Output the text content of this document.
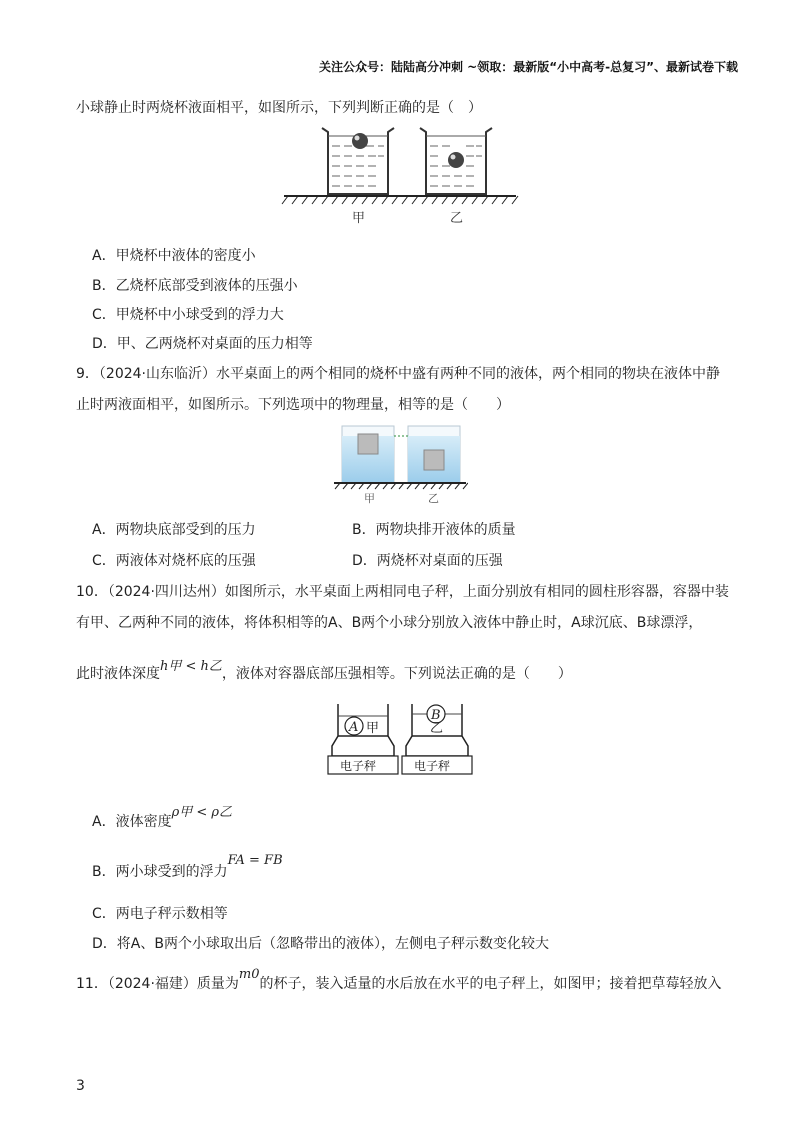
关注公众号：陆陆高分冲刺 ~领取：最新版“小中高考-总复习”、最新试卷下载
小球静止时两烧杯液面相平，如图所示，下列判断正确的是（　）
甲	乙
A．甲烧杯中液体的密度小
B．乙烧杯底部受到液体的压强小
C．甲烧杯中小球受到的浮力大
D．甲、乙两烧杯对桌面的压力相等
9．（2024·山东临沂）水平桌面上的两个相同的烧杯中盛有两种不同的液体，两个相同的物块在液体中静
止时两液面相平，如图所示。下列选项中的物理量，相等的是（　　）
甲	乙
A．两物块底部受到的压力	B．两物块排开液体的质量
C．两液体对烧杯底的压强	D．两烧杯对桌面的压强
10．（2024·四川达州）如图所示，水平桌面上两相同电子秤，上面分别放有相同的圆柱形容器，容器中装
有甲、乙两种不同的液体，将体积相等的A、B两个小球分别放入液体中静止时，A球沉底、B球漂浮，
此时液体深度h甲 < h乙，液体对容器底部压强相等。下列说法正确的是（　　）
A 甲
电子秤
B
乙
电子秤
A．液体密度ρ甲 < ρ乙
B．两小球受到的浮力FA = FB
C．两电子秤示数相等
D．将A、B两个小球取出后（忽略带出的液体），左侧电子秤示数变化较大
11．（2024·福建）质量为m0的杯子，装入适量的水后放在水平的电子秤上，如图甲；接着把草莓轻放入
3
